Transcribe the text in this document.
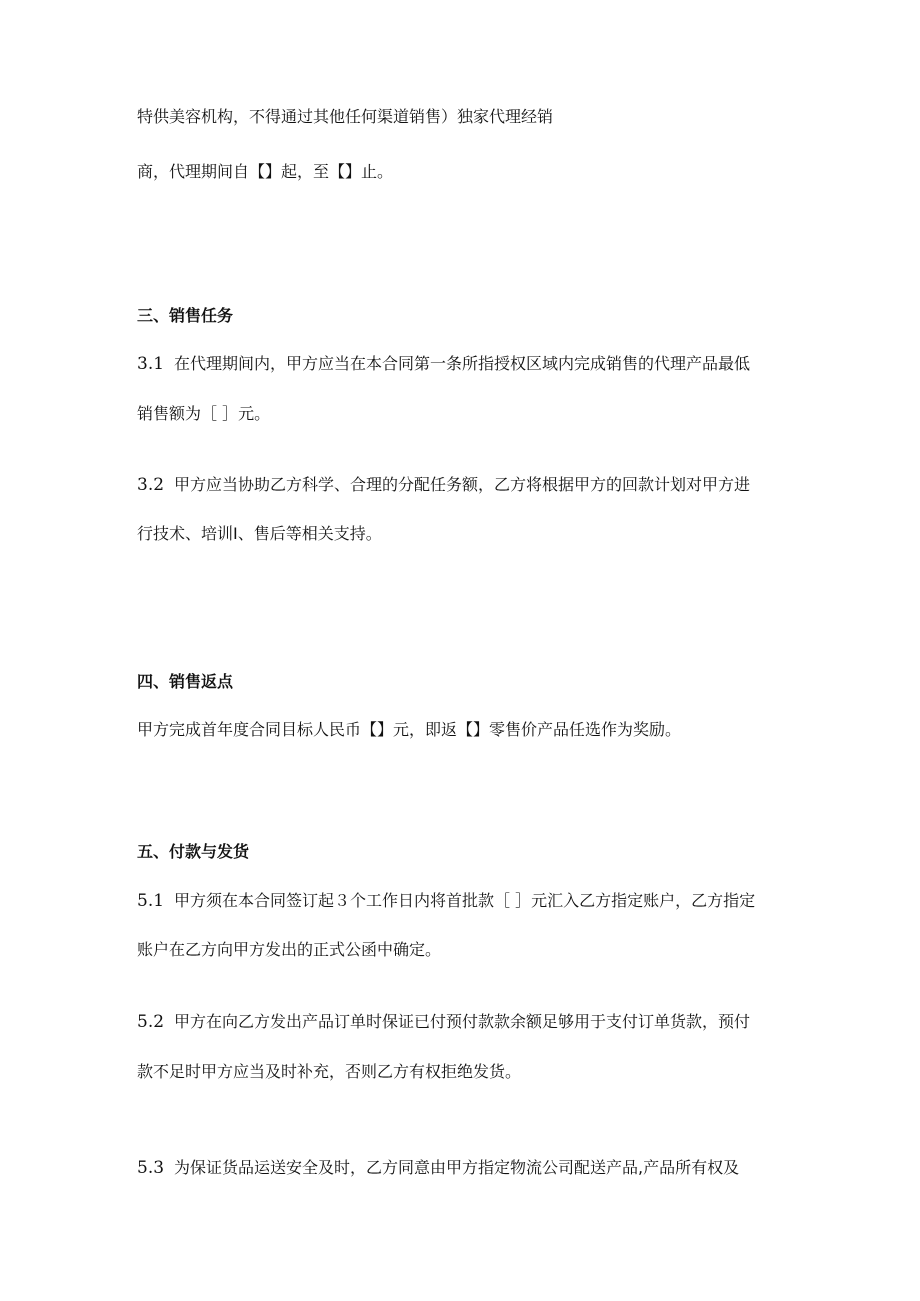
特供美容机构，不得通过其他任何渠道销售）独家代理经销
商，代理期间自【】起，至【】止。
三、销售任务
3.1 在代理期间内，甲方应当在本合同第一条所指授权区域内完成销售的代理产品最低
销售额为［ ］元。
3.2 甲方应当协助乙方科学、合理的分配任务额，乙方将根据甲方的回款计划对甲方进
行技术、培训Ⅰ、售后等相关支持。
四、销售返点
甲方完成首年度合同目标人民币【】元，即返【】零售价产品任选作为奖励。
五、付款与发货
5.1 甲方须在本合同签订起３个工作日内将首批款［ ］元汇入乙方指定账户，乙方指定
账户在乙方向甲方发出的正式公函中确定。
5.2 甲方在向乙方发出产品订单时保证已付预付款款余额足够用于支付订单货款，预付
款不足时甲方应当及时补充，否则乙方有权拒绝发货。
5.3 为保证货品运送安全及时，乙方同意由甲方指定物流公司配送产品,产品所有权及
